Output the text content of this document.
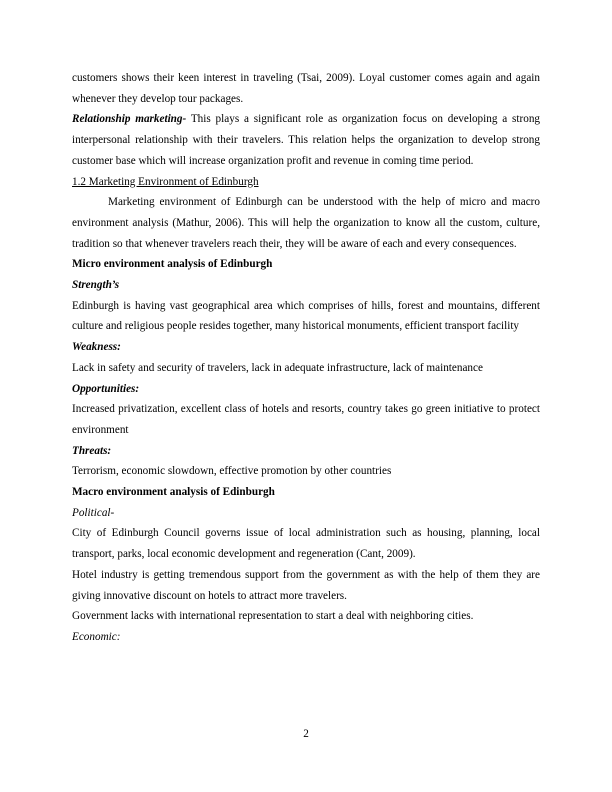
customers shows their keen interest in traveling (Tsai, 2009). Loyal customer comes again and again whenever they develop tour packages.

Relationship marketing- This plays a significant role as organization focus on developing a strong interpersonal relationship with their travelers. This relation helps the organization to develop strong customer base which will increase organization profit and revenue in coming time period.

1.2 Marketing Environment of Edinburgh

Marketing environment of Edinburgh can be understood with the help of micro and macro environment analysis (Mathur, 2006). This will help the organization to know all the custom, culture, tradition so that whenever travelers reach their, they will be aware of each and every consequences.

Micro environment analysis of Edinburgh

Strength’s

Edinburgh is having vast geographical area which comprises of hills, forest and mountains, different culture and religious people resides together, many historical monuments, efficient transport facility

Weakness:

Lack in safety and security of travelers, lack in adequate infrastructure, lack of maintenance

Opportunities:

Increased privatization, excellent class of hotels and resorts, country takes go green initiative to protect environment

Threats:

Terrorism, economic slowdown, effective promotion by other countries

Macro environment analysis of Edinburgh

Political-

City of Edinburgh Council governs issue of local administration such as housing, planning, local transport, parks, local economic development and regeneration (Cant, 2009).

Hotel industry is getting tremendous support from the government as with the help of them they are giving innovative discount on hotels to attract more travelers.

Government lacks with international representation to start a deal with neighboring cities.

Economic:

2
